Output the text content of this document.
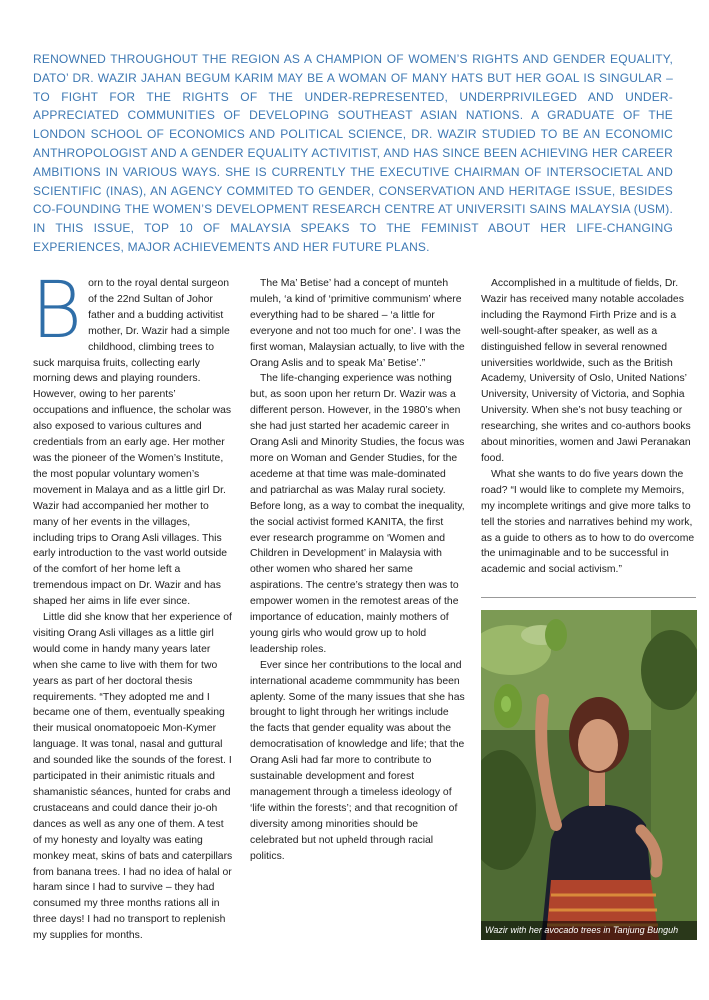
RENOWNED THROUGHOUT THE REGION AS A CHAMPION OF WOMEN’S RIGHTS AND GENDER EQUALITY, DATO’ DR. WAZIR JAHAN BEGUM KARIM MAY BE A WOMAN OF MANY HATS BUT HER GOAL IS SINGULAR – TO FIGHT FOR THE RIGHTS OF THE UNDER-REPRESENTED, UNDERPRIVILEGED AND UNDER-APPRECIATED COMMUNITIES OF DEVELOPING SOUTHEAST ASIAN NATIONS. A GRADUATE OF THE LONDON SCHOOL OF ECONOMICS AND POLITICAL SCIENCE, DR. WAZIR STUDIED TO BE AN ECONOMIC ANTHROPOLOGIST AND A GENDER EQUALITY ACTIVITIST, AND HAS SINCE BEEN ACHIEVING HER CAREER AMBITIONS IN VARIOUS WAYS. SHE IS CURRENTLY THE EXECUTIVE CHAIRMAN OF INTERSOCIETAL AND SCIENTIFIC (INAS), AN AGENCY COMMITED TO GENDER, CONSERVATION AND HERITAGE ISSUE, BESIDES CO-FOUNDING THE WOMEN’S DEVELOPMENT RESEARCH CENTRE AT UNIVERSITI SAINS MALAYSIA (USM). IN THIS ISSUE, TOP 10 OF MALAYSIA SPEAKS TO THE FEMINIST ABOUT HER LIFE-CHANGING EXPERIENCES, MAJOR ACHIEVEMENTS AND HER FUTURE PLANS.

Born to the royal dental surgeon of the 22nd Sultan of Johor father and a budding activitist mother, Dr. Wazir had a simple childhood, climbing trees to suck marquisa fruits, collecting early morning dews and playing rounders. However, owing to her parents’ occupations and influence, the scholar was also exposed to various cultures and credentials from an early age. Her mother was the pioneer of the Women’s Institute, the most popular voluntary women’s movement in Malaya and as a little girl Dr. Wazir had accompanied her mother to many of her events in the villages, including trips to Orang Asli villages. This early introduction to the vast world outside of the comfort of her home left a tremendous impact on Dr. Wazir and has shaped her aims in life ever since.

Little did she know that her experience of visiting Orang Asli villages as a little girl would come in handy many years later when she came to live with them for two years as part of her doctoral thesis requirements. “They adopted me and I became one of them, eventually speaking their musical onomatopoeic Mon-Kymer language. It was tonal, nasal and guttural and sounded like the sounds of the forest. I participated in their animistic rituals and shamanistic séances, hunted for crabs and crustaceans and could dance their jo-oh dances as well as any one of them. A test of my honesty and loyalty was eating monkey meat, skins of bats and caterpillars from banana trees. I had no idea of halal or haram since I had to survive – they had consumed my three months rations all in three days! I had no transport to replenish my supplies for months.

The Ma’ Betise’ had a concept of munteh muleh, ‘a kind of ‘primitive communism’ where everything had to be shared – ‘a little for everyone and not too much for one’. I was the first woman, Malaysian actually, to live with the Orang Aslis and to speak Ma’ Betise’.”

The life-changing experience was nothing but, as soon upon her return Dr. Wazir was a different person. However, in the 1980’s when she had just started her academic career in Orang Asli and Minority Studies, the focus was more on Woman and Gender Studies, for the acedeme at that time was male-dominated and patriarchal as was Malay rural society. Before long, as a way to combat the inequality, the social activist formed KANITA, the first ever research programme on ‘Women and Children in Development’ in Malaysia with other women who shared her same aspirations. The centre’s strategy then was to empower women in the remotest areas of the importance of education, mainly mothers of young girls who would grow up to hold leadership roles.

Ever since her contributions to the local and international academe commmunity has been aplenty. Some of the many issues that she has brought to light through her writings include the facts that gender equality was about the democratisation of knowledge and life; that the Orang Asli had far more to contribute to sustainable development and forest management through a timeless ideology of ‘life within the forests’; and that recognition of diversity among minorities should be celebrated but not upheld through racial politics.

Accomplished in a multitude of fields, Dr. Wazir has received many notable accolades including the Raymond Firth Prize and is a well-sought-after speaker, as well as a distinguished fellow in several renowned universities worldwide, such as the British Academy, University of Oslo, United Nations’ University, University of Victoria, and Sophia University. When she’s not busy teaching or researching, she writes and co-authors books about minorities, women and Jawi Peranakan food.

What she wants to do five years down the road? “I would like to complete my Memoirs, my incomplete writings and give more talks to tell the stories and narratives behind my work, as a guide to others as to how to do overcome the unimaginable and to be successful in academic and social activism.”

Wazir with her avocado trees in Tanjung Bunguh
